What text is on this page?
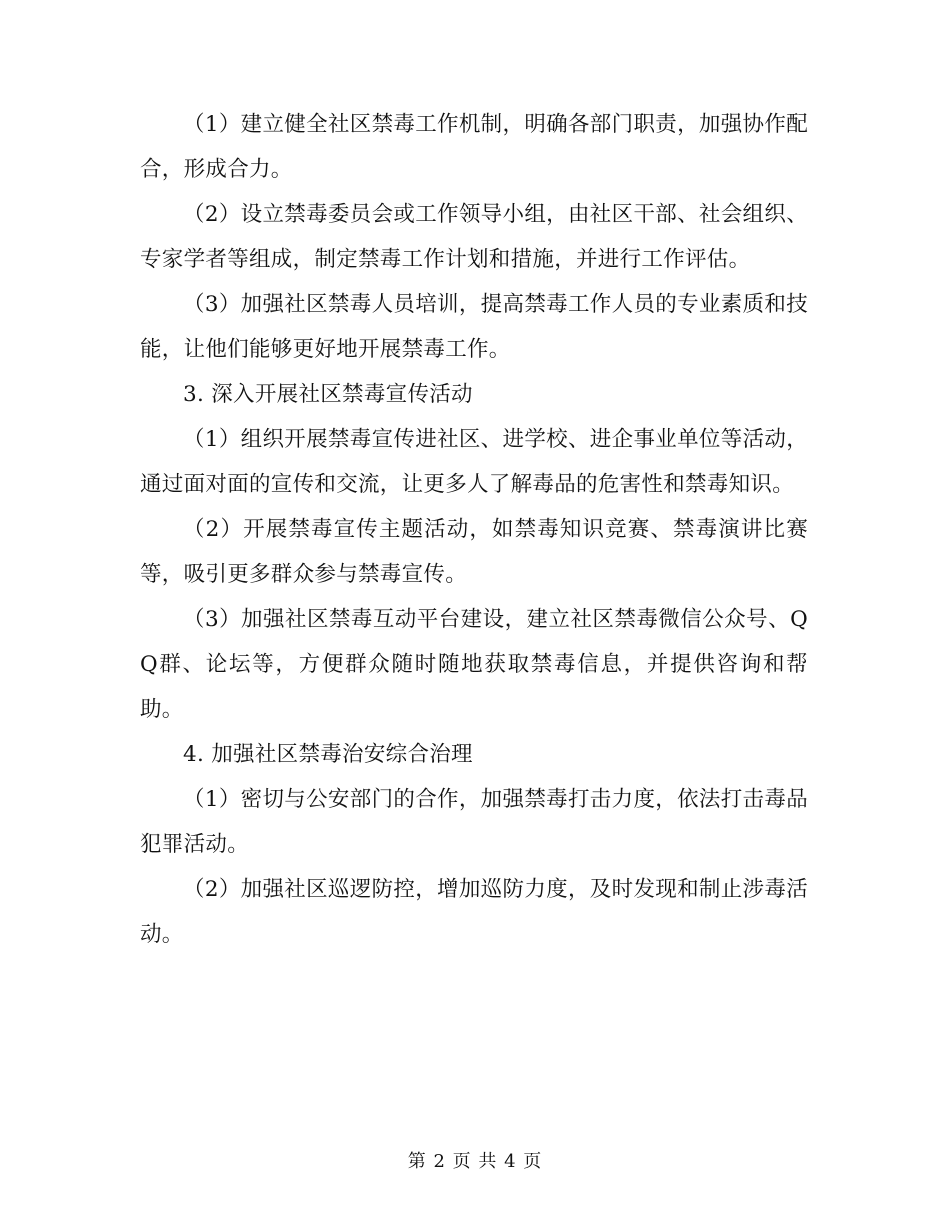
（1）建立健全社区禁毒工作机制，明确各部门职责，加强协作配合，形成合力。

（2）设立禁毒委员会或工作领导小组，由社区干部、社会组织、专家学者等组成，制定禁毒工作计划和措施，并进行工作评估。

（3）加强社区禁毒人员培训，提高禁毒工作人员的专业素质和技能，让他们能够更好地开展禁毒工作。

3. 深入开展社区禁毒宣传活动

（1）组织开展禁毒宣传进社区、进学校、进企事业单位等活动，通过面对面的宣传和交流，让更多人了解毒品的危害性和禁毒知识。

（2）开展禁毒宣传主题活动，如禁毒知识竞赛、禁毒演讲比赛等，吸引更多群众参与禁毒宣传。

（3）加强社区禁毒互动平台建设，建立社区禁毒微信公众号、QQ群、论坛等，方便群众随时随地获取禁毒信息，并提供咨询和帮助。

4. 加强社区禁毒治安综合治理

（1）密切与公安部门的合作，加强禁毒打击力度，依法打击毒品犯罪活动。

（2）加强社区巡逻防控，增加巡防力度，及时发现和制止涉毒活动。

第 2 页 共 4 页
